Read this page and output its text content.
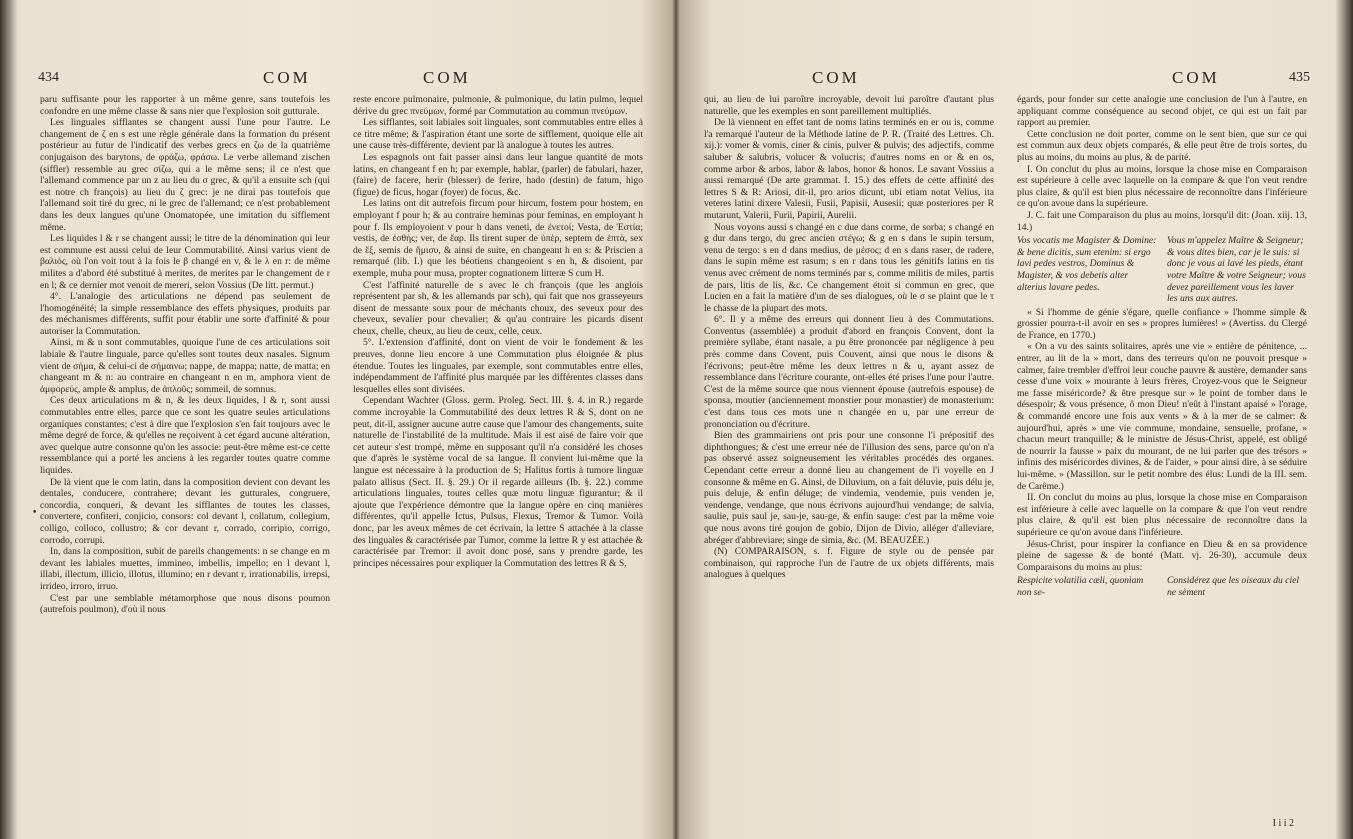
434	COM	COM
•

paru suffisante pour les rapporter à un même genre, sans toutefois les confondre en une même classe & sans nier que l'explosion soit gutturale.

Les linguales sifflantes se changent aussi l'une pour l'autre. Le changement de ζ en s est une règle générale dans la formation du présent postérieur au futur de l'indicatif des verbes grecs en ζω de la quatrième conjugaison des barytons, de φράζω, φράσω. Le verbe allemand zischen (siffler) ressemble au grec σίζω, qui a le même sens; il ce n'est que l'allemand commence par un z au lieu du σ grec, & qu'il a ensuite sch (qui est notre ch françois) au lieu du ζ grec: je ne dirai pas toutefois que l'allemand soit tiré du grec, ni le grec de l'allemand; ce n'est probablement dans les deux langues qu'une Onomatopée, une imitation du sifflement même.

Les liquides l & r se changent aussi; le titre de la dénomination qui leur est commune est aussi celui de leur Commutabilité. Ainsi varius vient de βαλιός, où l'on voit tout à la fois le β changé en v, & le λ en r: de même milites a d'abord été substitué à merites, de merites par le changement de r en l; & ce dernier mot venoit de mereri, selon Vossius (De litt. permut.)

4°. L'analogie des articulations ne dépend pas seulement de l'homogénéité; la simple ressemblance des effets physiques, produits par des méchanismes différents, suffit pour établir une sorte d'affinité & pour autoriser la Commutation.

Ainsi, m & n sont commutables, quoique l'une de ces articulations soit labiale & l'autre linguale, parce qu'elles sont toutes deux nasales. Signum vient de σήμα, & celui-ci de σήμαινω; nappe, de mappa; natte, de matta; en changeant m & n: au contraire en changeant n en m, amphora vient de ἀμφορεύς, ample & amplus, de ἀπλοῦς; sommeil, de somnus.

Ces deux articulations m & n, & les deux liquides, l & r, sont aussi commutables entre elles, parce que ce sont les quatre seules articulations organiques constantes; c'est à dire que l'explosion s'en fait toujours avec le même degré de force, & qu'elles ne reçoivent à cet égard aucune altération, avec quelque autre consonne qu'on les associe: peut-être même est-ce cette ressemblance qui a porté les anciens à les regarder toutes quatre comme liquides.

De là vient que le com latin, dans la composition devient con devant les dentales, conducere, contrahere; devant les gutturales, congruere, concordia, conqueri, & devant les sifflantes de toutes les classes, convertere, confiteri, conjicio, consors: col devant l, collatum, collegium, colligo, colloco, collustro; & cor devant r, corrado, corripio, corrigo, corrodo, corrupi.

In, dans la composition, subit de pareils changements: n se change en m devant les labiales muettes, immineo, imbellis, impello; en l devant l, illabi, illectum, illicio, illotus, illumino; en r devant r, irrationabilis, irrepsi, irrideo, irroro, irruo.

C'est par une semblable métamorphose que nous disons poumon (autrefois poulmon), d'où il nous

reste encore pulmonaire, pulmonie, & pulmonique, du latin pulmo, lequel dérive du grec πνεύμων, formé par Commutation au commun πνεύμων.

Les sifflantes, soit labiales soit linguales, sont commutables entre elles à ce titre même; & l'aspiration étant une sorte de sifflement, quoique elle ait une cause très-différente, devient par là analogue à toutes les autres.

Les espagnols ont fait passer ainsi dans leur langue quantité de mots latins, en changeant f en h; par exemple, hablar, (parler) de fabulari, hazer, (faire) de facere, herir (blesser) de ferire, hado (destin) de fatum, higo (figue) de ficus, hogar (foyer) de focus, &c.

Les latins ont dit autrefois fircum pour hircum, fostem pour hostem, en employant f pour h; & au contraire heminas pour feminas, en employant h pour f. Ils employoient v pour h dans veneti, de ἐνετοί; Vesta, de Ἑστία; vestis, de ἐσθής; ver, de ἔαρ. Ils tirent super de ὑπὲρ, septem de ἑπτὰ, sex de ἕξ, semis de ἥμισυ, & ainsi de suite, en changeant h en s: & Priscien a remarqué (lib. I.) que les béotiens changeoient s en h, & disoient, par exemple, muha pour musa, propter cognationem litteræ S cum H.

C'est l'affinité naturelle de s avec le ch françois (que les anglois représentent par sh, & les allemands par sch), qui fait que nos grasseyeurs disent de messante soux pour de méchants choux, des seveux pour des cheveux, sevalier pour chevalier; & qu'au contraire les picards disent cheux, chelle, cheux, au lieu de ceux, celle, ceux.

5°. L'extension d'affinité, dont on vient de voir le fondement & les preuves, donne lieu encore à une Commutation plus éloignée & plus étendue. Toutes les linguales, par exemple, sont commutables entre elles, indépendamment de l'affinité plus marquée par les différentes classes dans lesquelles elles sont divisées.

Cependant Wachter (Gloss. germ. Proleg. Sect. III. §. 4. in R.) regarde comme incroyable la Commutabilité des deux lettres R & S, dont on ne peut, dit-il, assigner aucune autre cause que l'amour des changements, suite naturelle de l'instabilité de la multitude. Mais il est aisé de faire voir que cet auteur s'est trompé, même en supposant qu'il n'a considéré les choses que d'après le système vocal de sa langue. Il convient lui-même que la langue est nécessaire à la production de S; Halitus fortis à tumore linguæ palato allisus (Sect. II. §. 29.) Or il regarde ailleurs (Ib. §. 22.) comme articulations linguales, toutes celles quæ motu linguæ figurantur; & il ajoute que l'expérience démontre que la langue opère en cinq manières différentes, qu'il appelle Ictus, Pulsus, Flexus, Tremor & Tumor. Voilà donc, par les aveux mêmes de cet écrivain, la lettre S attachée à la classe des linguales & caractérisée par Tumor, comme la lettre R y est attachée & caractérisée par Tremor: il avoit donc posé, sans y prendre garde, les principes nécessaires pour expliquer la Commutation des lettres R & S,

COM	COM	435

qui, au lieu de lui paroître incroyable, devoit lui paroître d'autant plus naturelle, que les exemples en sont pareillement multipliés.

De là viennent en effet tant de noms latins terminés en er ou is, comme l'a remarqué l'auteur de la Méthode latine de P. R. (Traité des Lettres. Ch. xij.): vomer & vomis, ciner & cinis, pulver & pulvis; des adjectifs, comme saluber & salubris, volucer & volucris; d'autres noms en or & en os, comme arbor & arbos, labor & labos, honor & honos. Le savant Vossius a aussi remarqué (De arte grammat. I. 15.) des effets de cette affinité des lettres S & R: Ariosi, dit-il, pro arios dicunt, ubi etiam notat Velius, ita veteres latini dixere Valesii, Fusii, Papisii, Ausesii; quæ posteriores per R mutarunt, Valerii, Furii, Papirii, Aurelii.

Nous voyons aussi s changé en c due dans corme, de sorba; s changé en g dur dans tergo, du grec ancien στέγω; & g en s dans le supin tersum, venu de tergo: s en d dans medius, de μέσος; d en s dans raser, de radere, dans le supin même est rasum; s en r dans tous les génitifs latins en tis venus avec crément de noms terminés par s, comme militis de miles, partis de pars, litis de lis, &c. Ce changement étoit si commun en grec, que Lucien en a fait la matière d'un de ses dialogues, où le σ se plaint que le τ le chasse de la plupart des mots.

6°. Il y a même des erreurs qui donnent lieu à des Commutations. Conventus (assemblée) a produit d'abord en françois Convent, dont la première syllabe, étant nasale, a pu être prononcée par négligence à peu près comme dans Covent, puis Couvent, ainsi que nous le disons & l'écrivons; peut-être même les deux lettres n & u, ayant assez de ressemblance dans l'écriture courante, ont-elles été prises l'une pour l'autre. C'est de la même source que nous viennent épouse (autrefois espouse) de sponsa, moutier (anciennement monstier pour monastier) de monasterium: c'est dans tous ces mots une n changée en u, par une erreur de prononciation ou d'écriture.

Bien des grammairiens ont pris pour une consonne l'i prépositif des diphthongues; & c'est une erreur née de l'illusion des sens, parce qu'on n'a pas observé assez soigneusement les véritables procédés des organes. Cependant cette erreur a donné lieu au changement de l'i voyelle en J consonne & même en G. Ainsi, de Diluvium, on a fait déluvie, puis délu je, puis deluje, & enfin déluge; de vindemia, vendemie, puis venden je, vendenge, vendange, que nous écrivons aujourd'hui vendange; de salvia, saulie, puis saul je, sau-je, sau-ge, & enfin sauge: c'est par la même voie que nous avons tiré goujon de gobio, Dijon de Divio, alléger d'alleviare, abréger d'abbreviare; singe de simia, &c. (M. BEAUZÉE.)

(N) COMPARAISON, s. f. Figure de style ou de pensée par combinaison, qui rapproche l'un de l'autre de ux objets différents, mais analogues à quelques

égards, pour fonder sur cette analogie une conclusion de l'un à l'autre, en appliquant comme conséquence au second objet, ce qui est un fait par rapport au premier.

Cette conclusion ne doit porter, comme on le sent bien, que sur ce qui est commun aux deux objets comparés, & elle peut être de trois sortes, du plus au moins, du moins au plus, & de parité.

I. On conclut du plus au moins, lorsque la chose mise en Comparaison est supérieure à celle avec laquelle on la compare & que l'on veut rendre plus claire, & qu'il est bien plus nécessaire de reconnoître dans l'inférieure ce qu'on avoue dans la supérieure.

J. C. fait une Comparaison du plus au moins, lorsqu'il dit: (Joan. xiij. 13, 14.)

Vos vocatis me Magister & Domine: & bene dicitis, sum etenim: si ergo lavi pedes vestros, Dominus & Magister, & vos debetis alter alterius lavare pedes.
Vous m'appelez Maître & Seigneur; & vous dites bien, car je le suis: si donc je vous ai lavé les pieds, étant votre Maître & votre Seigneur; vous devez pareillement vous les laver les uns aux autres.

« Si l'homme de génie s'égare, quelle confiance » l'homme simple & grossier pourra-t-il avoir en ses » propres lumières! » (Avertiss. du Clergé de France, en 1770.)

« On a vu des saints solitaires, après une vie » entière de pénitence, ... entrer, au lit de la » mort, dans des terreurs qu'on ne pouvoit presque » calmer, faire trembler d'effroi leur couche pauvre & austère, demander sans cesse d'une voix » mourante à leurs frères, Croyez-vous que le Seigneur me fasse miséricorde? & être presque sur » le point de tomber dans le désespoir; & vous présence, ô mon Dieu! n'eût à l'instant apaisé » l'orage, & commandé encore une fois aux vents » & à la mer de se calmer: & aujourd'hui, après » une vie commune, mondaine, sensuelle, profane, » chacun meurt tranquille; & le ministre de Jésus-Christ, appelé, est obligé de nourrir la fausse » paix du mourant, de ne lui parler que des trésors » infinis des miséricordes divines, & de l'aider, » pour ainsi dire, à se séduire lui-même. » (Massillon. sur le petit nombre des élus: Lundi de la III. sem. de Carême.)

II. On conclut du moins au plus, lorsque la chose mise en Comparaison est inférieure à celle avec laquelle on la compare & que l'on veut rendre plus claire, & qu'il est bien plus nécessaire de reconnoître dans la supérieure ce qu'on avoue dans l'inférieure.

Jésus-Christ, pour inspirer la confiance en Dieu & en sa providence pleine de sagesse & de bonté (Matt. vj. 26-30), accumule deux Comparaisons du moins au plus:

Respicite volatilia cæli, quoniam non se-
Considérez que les oiseaux du ciel ne sèment
I i i 2
